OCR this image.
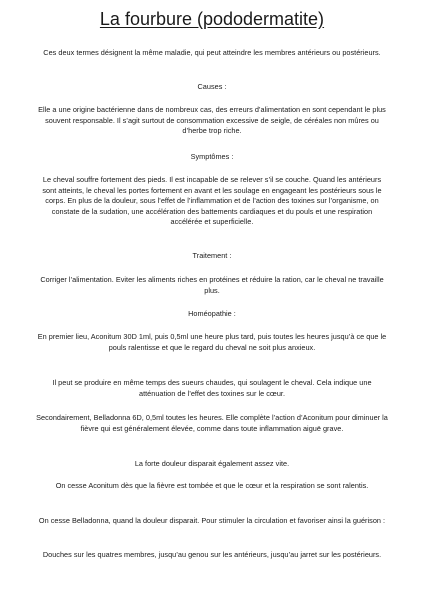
La fourbure (pododermatite)

Ces deux termes désignent la même maladie, qui peut atteindre les membres antérieurs ou postérieurs.

Causes :

Elle a une origine bactérienne dans de nombreux cas, des erreurs d’alimentation en sont cependant le plus souvent responsable. Il s’agit surtout de consommation excessive de seigle, de céréales non mûres ou d’herbe trop riche.

Symptômes :

Le cheval souffre fortement des pieds. Il est incapable de se relever s’il se couche. Quand les antérieurs sont atteints, le cheval les portes fortement en avant et les soulage en engageant les postérieurs sous le corps. En plus de la douleur, sous l’effet de l’inflammation et de l’action des toxines sur l’organisme, on constate de la sudation, une accélération des battements cardiaques et du pouls et une respiration accélérée et superficielle.

Traitement :

Corriger l’alimentation. Eviter les aliments riches en protéines et réduire la ration, car le cheval ne travaille plus.

Homéopathie :

En premier lieu, Aconitum 30D 1ml, puis 0,5ml une heure plus tard, puis toutes les heures jusqu’à ce que le pouls ralentisse et que le regard du cheval ne soit plus anxieux.

Il peut se produire en même temps des sueurs chaudes, qui soulagent le cheval. Cela indique une atténuation de l’effet des toxines sur le cœur.

Secondairement, Belladonna 6D, 0,5ml toutes les heures. Elle complète l’action d’Aconitum pour diminuer la fièvre qui est généralement élevée, comme dans toute inflammation aiguë grave.

La forte douleur disparait également assez vite.

On cesse Aconitum dès que la fièvre est tombée et que le cœur et la respiration se sont ralentis.

On cesse Belladonna, quand la douleur disparait. Pour stimuler la circulation et favoriser ainsi la guérison :

Douches sur les quatres membres, jusqu’au genou sur les antérieurs, jusqu’au jarret sur les postérieurs.
